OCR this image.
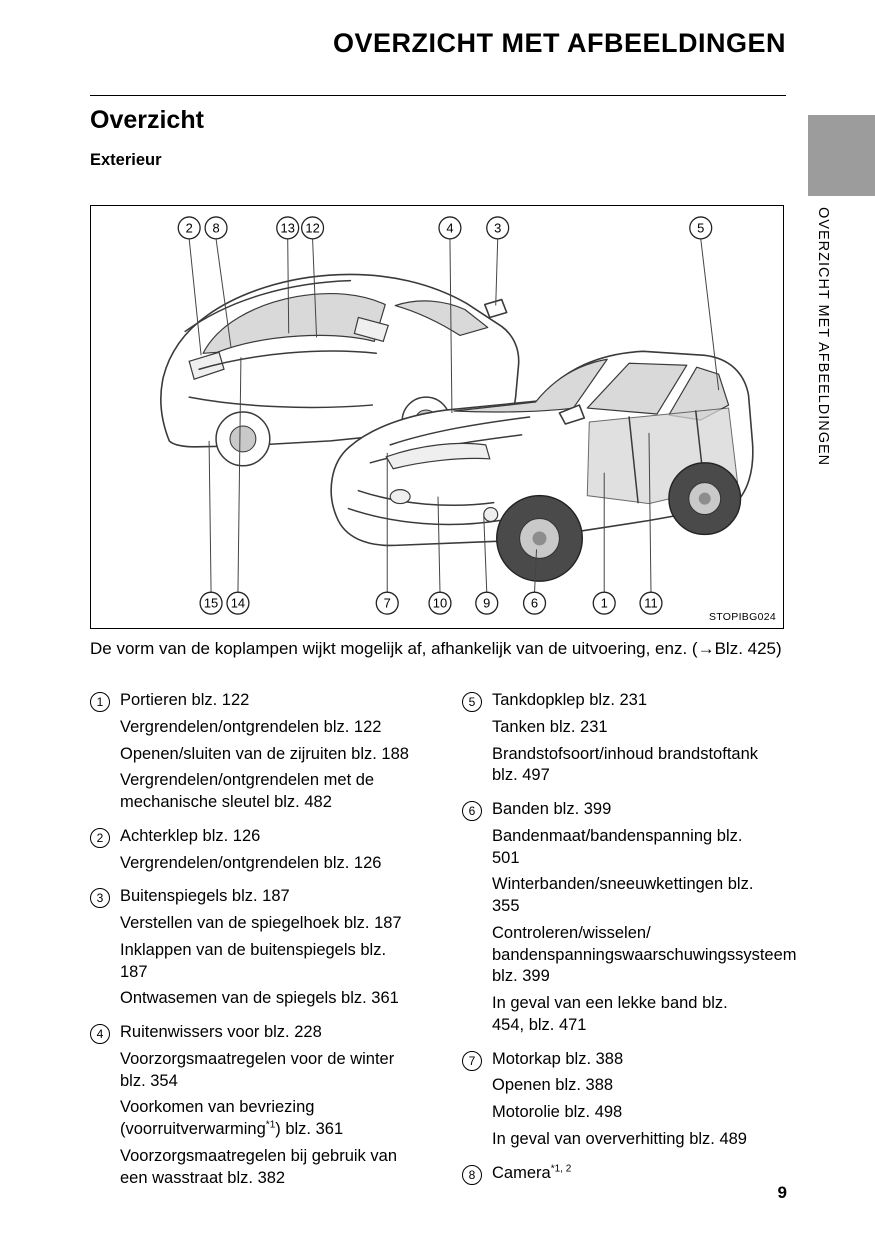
OVERZICHT MET AFBEELDINGEN
Overzicht
Exterieur
OVERZICHT MET AFBEELDINGEN
2 8	13 12	4	3	5
15 14	7	10	9	6	1	11
STOPIBG024

De vorm van de koplampen wijkt mogelijk af, afhankelijk van de uitvoering, enz. (→Blz. 425)

1	Portieren blz. 122
Vergrendelen/​ontgrendelen blz. 122
Openen/​sluiten van de zijruiten blz. 188
Vergrendelen/​ontgrendelen met de mechanische sleutel blz. 482
2	Achterklep blz. 126
Vergrendelen/​ontgrendelen blz. 126
3	Buitenspiegels blz. 187
Verstellen van de spiegelhoek blz. 187
Inklappen van de buitenspiegels blz. 187
Ontwasemen van de spiegels blz. 361
4	Ruitenwissers voor blz. 228
Voorzorgsmaatregelen voor de winter blz. 354
Voorkomen van bevriezing (voorruitverwarming$^{*1}$) blz. 361
Voorzorgsmaatregelen bij gebruik van een wasstraat blz. 382
5	Tankdopklep blz. 231
Tanken blz. 231
Brandstofsoort/​inhoud brandstoftank blz. 497
6	Banden blz. 399
Bandenmaat/​bandenspanning blz. 501
Winterbanden/​sneeuwkettingen blz. 355
Controleren/​wisselen/​bandenspanningswaarschuwingssysteem blz. 399
In geval van een lekke band blz. 454, blz. 471
7	Motorkap blz. 388
Openen blz. 388
Motorolie blz. 498
In geval van oververhitting blz. 489
8	Camera$^{*1, 2}$
9
